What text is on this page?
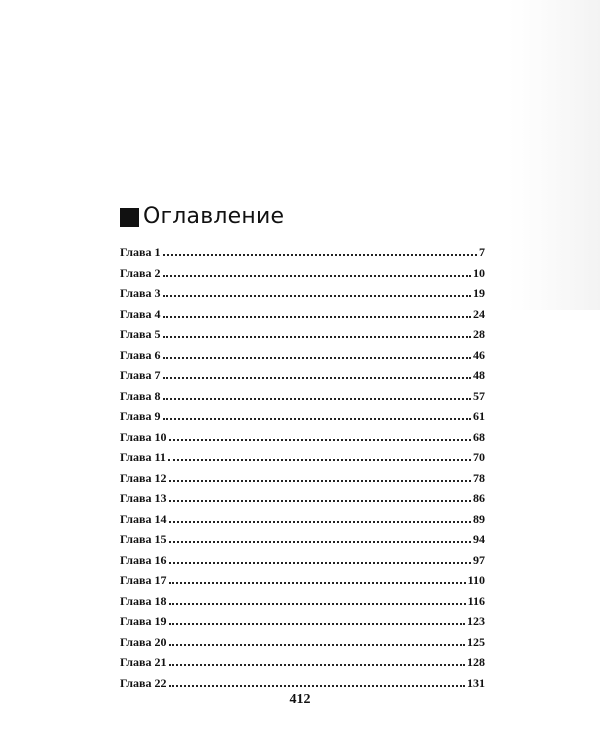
Оглавление
Глава 1	7
Глава 2	10
Глава 3	19
Глава 4	24
Глава 5	28
Глава 6	46
Глава 7	48
Глава 8	57
Глава 9	61
Глава 10	68
Глава 11	70
Глава 12	78
Глава 13	86
Глава 14	89
Глава 15	94
Глава 16	97
Глава 17	110
Глава 18	116
Глава 19	123
Глава 20	125
Глава 21	128
Глава 22	131
412
